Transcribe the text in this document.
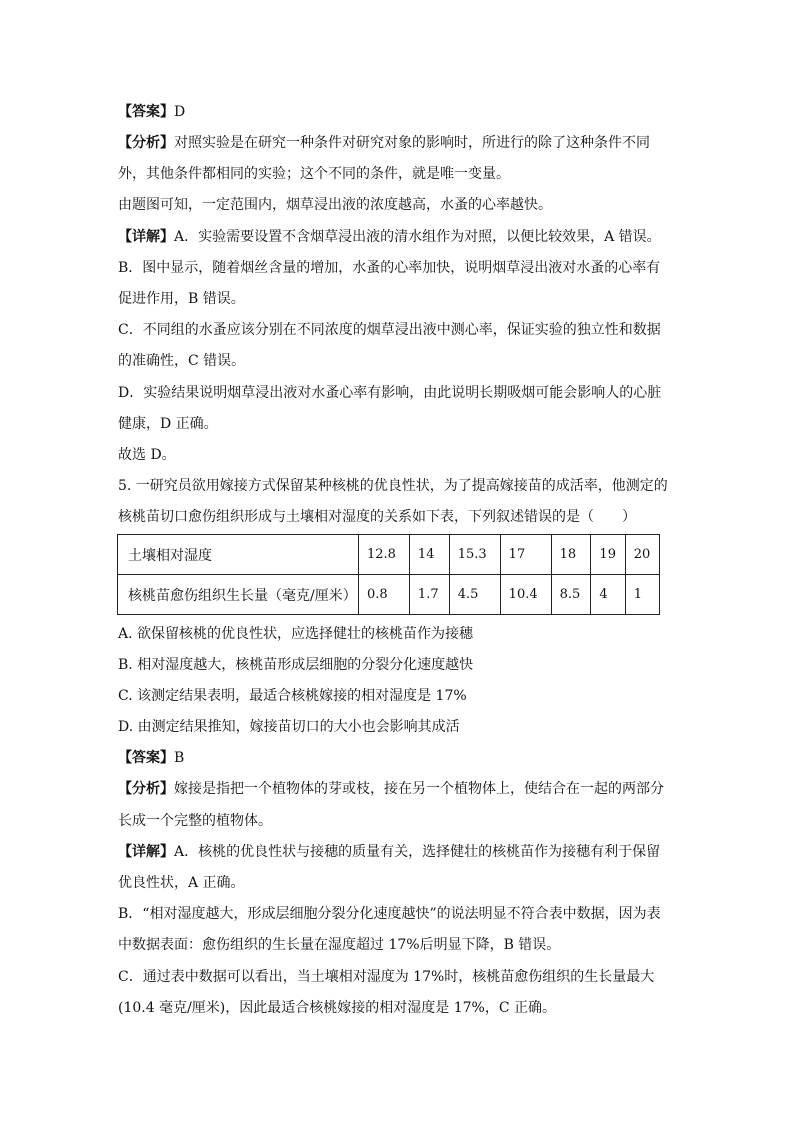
【答案】D
【分析】对照实验是在研究一种条件对研究对象的影响时，所进行的除了这种条件不同
外，其他条件都相同的实验；这个不同的条件，就是唯一变量。
由题图可知，一定范围内，烟草浸出液的浓度越高，水蚤的心率越快。
【详解】A．实验需要设置不含烟草浸出液的清水组作为对照，以便比较效果，A 错误。
B．图中显示，随着烟丝含量的增加，水蚤的心率加快，说明烟草浸出液对水蚤的心率有
促进作用，B 错误。
C．不同组的水蚤应该分别在不同浓度的烟草浸出液中测心率，保证实验的独立性和数据
的准确性，C 错误。
D．实验结果说明烟草浸出液对水蚤心率有影响，由此说明长期吸烟可能会影响人的心脏
健康，D 正确。
故选 D。
5. 一研究员欲用嫁接方式保留某种核桃的优良性状，为了提高嫁接苗的成活率，他测定的
核桃苗切口愈伤组织形成与土壤相对湿度的关系如下表，下列叙述错误的是（　　）
土壤相对湿度	12.8	14	15.3	17	18	19	20
核桃苗愈伤组织生长量（毫克/厘米）	0.8	1.7	4.5	10.4	8.5	4	1
A. 欲保留核桃的优良性状，应选择健壮的核桃苗作为接穗
B. 相对湿度越大，核桃苗形成层细胞的分裂分化速度越快
C. 该测定结果表明，最适合核桃嫁接的相对湿度是 17%
D. 由测定结果推知，嫁接苗切口的大小也会影响其成活
【答案】B
【分析】嫁接是指把一个植物体的芽或枝，接在另一个植物体上，使结合在一起的两部分
长成一个完整的植物体。
【详解】A．核桃的优良性状与接穗的质量有关，选择健壮的核桃苗作为接穗有利于保留
优良性状，A 正确。
B．“相对湿度越大，形成层细胞分裂分化速度越快”的说法明显不符合表中数据，因为表
中数据表面：愈伤组织的生长量在湿度超过 17%后明显下降，B 错误。
C．通过表中数据可以看出，当土壤相对湿度为 17%时，核桃苗愈伤组织的生长量最大
(10.4 毫克/厘米)，因此最适合核桃嫁接的相对湿度是 17%，C 正确。
